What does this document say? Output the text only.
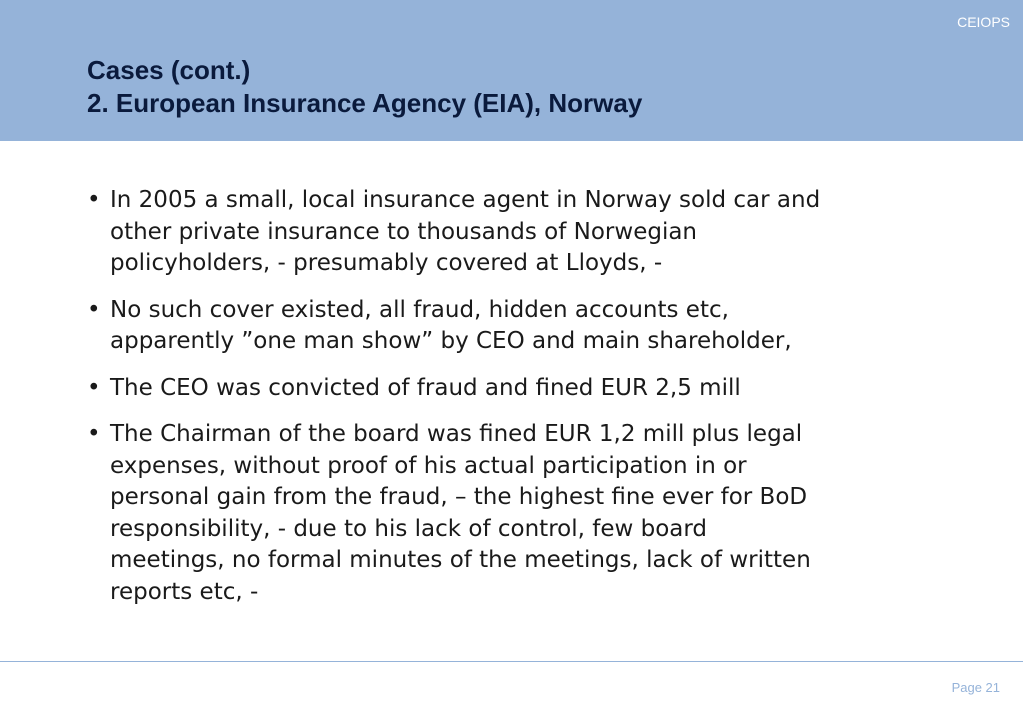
CEIOPS
Cases (cont.)
2. European Insurance Agency (EIA), Norway
• In 2005 a small, local insurance agent in Norway sold car and
other private insurance to thousands of Norwegian
policyholders, - presumably covered at Lloyds, -
• No such cover existed, all fraud, hidden accounts etc,
apparently ”one man show” by CEO and main shareholder,
• The CEO was convicted of fraud and fined EUR 2,5 mill
• The Chairman of the board was fined EUR 1,2 mill plus legal
expenses, without proof of his actual participation in or
personal gain from the fraud, – the highest fine ever for BoD
responsibility, - due to his lack of control, few board
meetings, no formal minutes of the meetings, lack of written
reports etc, -
Page 21
